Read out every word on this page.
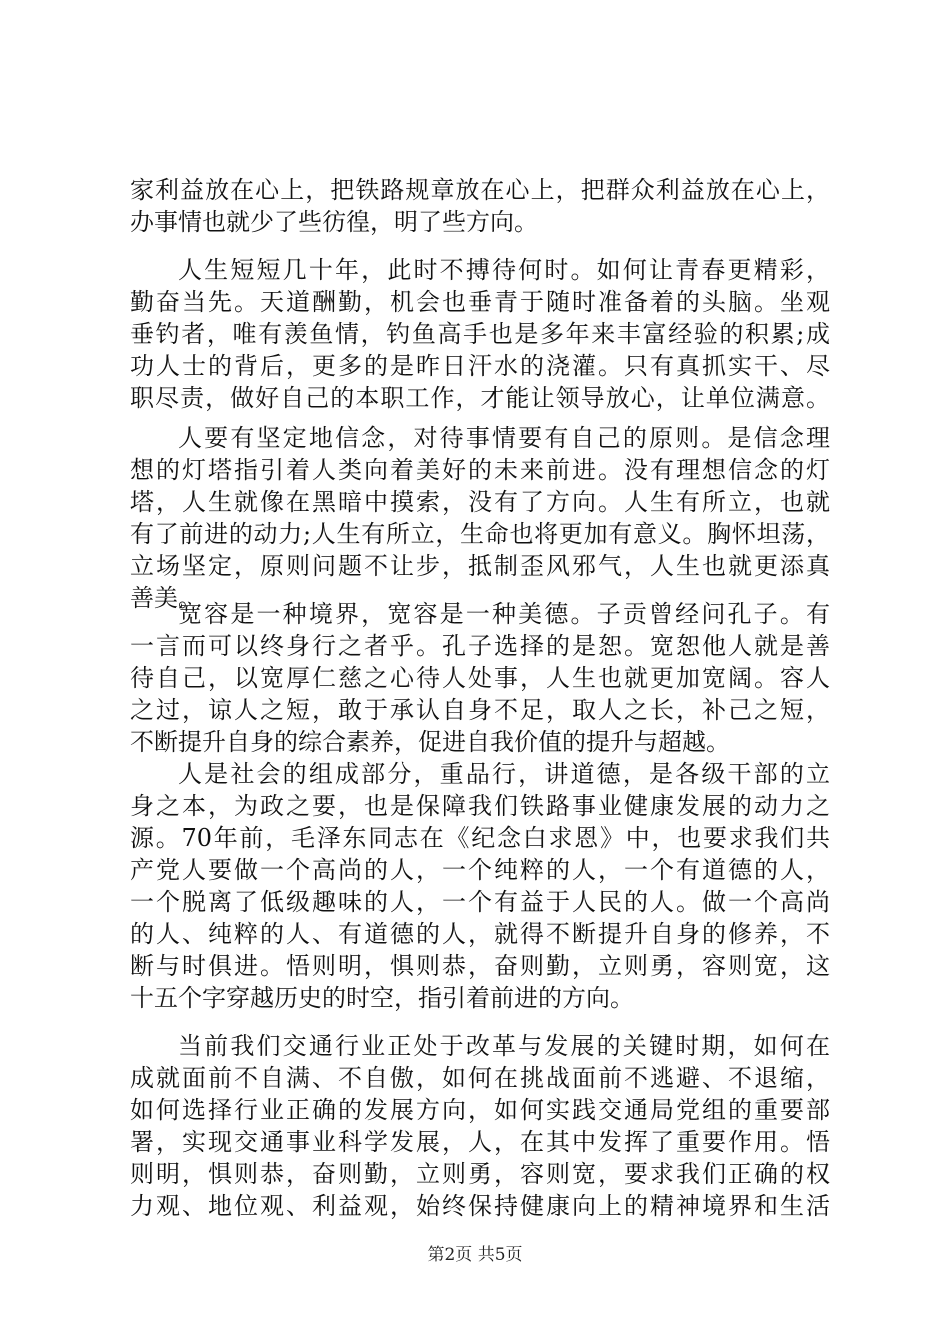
家利益放在心上，把铁路规章放在心上，把群众利益放在心上，
办事情也就少了些彷徨，明了些方向。
人生短短几十年，此时不搏待何时。如何让青春更精彩，
勤奋当先。天道酬勤，机会也垂青于随时准备着的头脑。坐观
垂钓者，唯有羡鱼情，钓鱼高手也是多年来丰富经验的积累;成
功人士的背后，更多的是昨日汗水的浇灌。只有真抓实干、尽
职尽责，做好自己的本职工作，才能让领导放心，让单位满意。
人要有坚定地信念，对待事情要有自己的原则。是信念理
想的灯塔指引着人类向着美好的未来前进。没有理想信念的灯
塔，人生就像在黑暗中摸索，没有了方向。人生有所立，也就
有了前进的动力;人生有所立，生命也将更加有意义。胸怀坦荡，
立场坚定，原则问题不让步，抵制歪风邪气，人生也就更添真
善美。
宽容是一种境界，宽容是一种美德。子贡曾经问孔子。有
一言而可以终身行之者乎。孔子选择的是恕。宽恕他人就是善
待自己，以宽厚仁慈之心待人处事，人生也就更加宽阔。容人
之过，谅人之短，敢于承认自身不足，取人之长，补己之短，
不断提升自身的综合素养，促进自我价值的提升与超越。
人是社会的组成部分，重品行，讲道德，是各级干部的立
身之本，为政之要，也是保障我们铁路事业健康发展的动力之
源。70年前，毛泽东同志在《纪念白求恩》中，也要求我们共
产党人要做一个高尚的人，一个纯粹的人，一个有道德的人，
一个脱离了低级趣味的人，一个有益于人民的人。做一个高尚
的人、纯粹的人、有道德的人，就得不断提升自身的修养，不
断与时俱进。悟则明，惧则恭，奋则勤，立则勇，容则宽，这
十五个字穿越历史的时空，指引着前进的方向。
当前我们交通行业正处于改革与发展的关键时期，如何在
成就面前不自满、不自傲，如何在挑战面前不逃避、不退缩，
如何选择行业正确的发展方向，如何实践交通局党组的重要部
署，实现交通事业科学发展，人，在其中发挥了重要作用。悟
则明，惧则恭，奋则勤，立则勇，容则宽，要求我们正确的权
力观、地位观、利益观，始终保持健康向上的精神境界和生活
第2页 共5页
